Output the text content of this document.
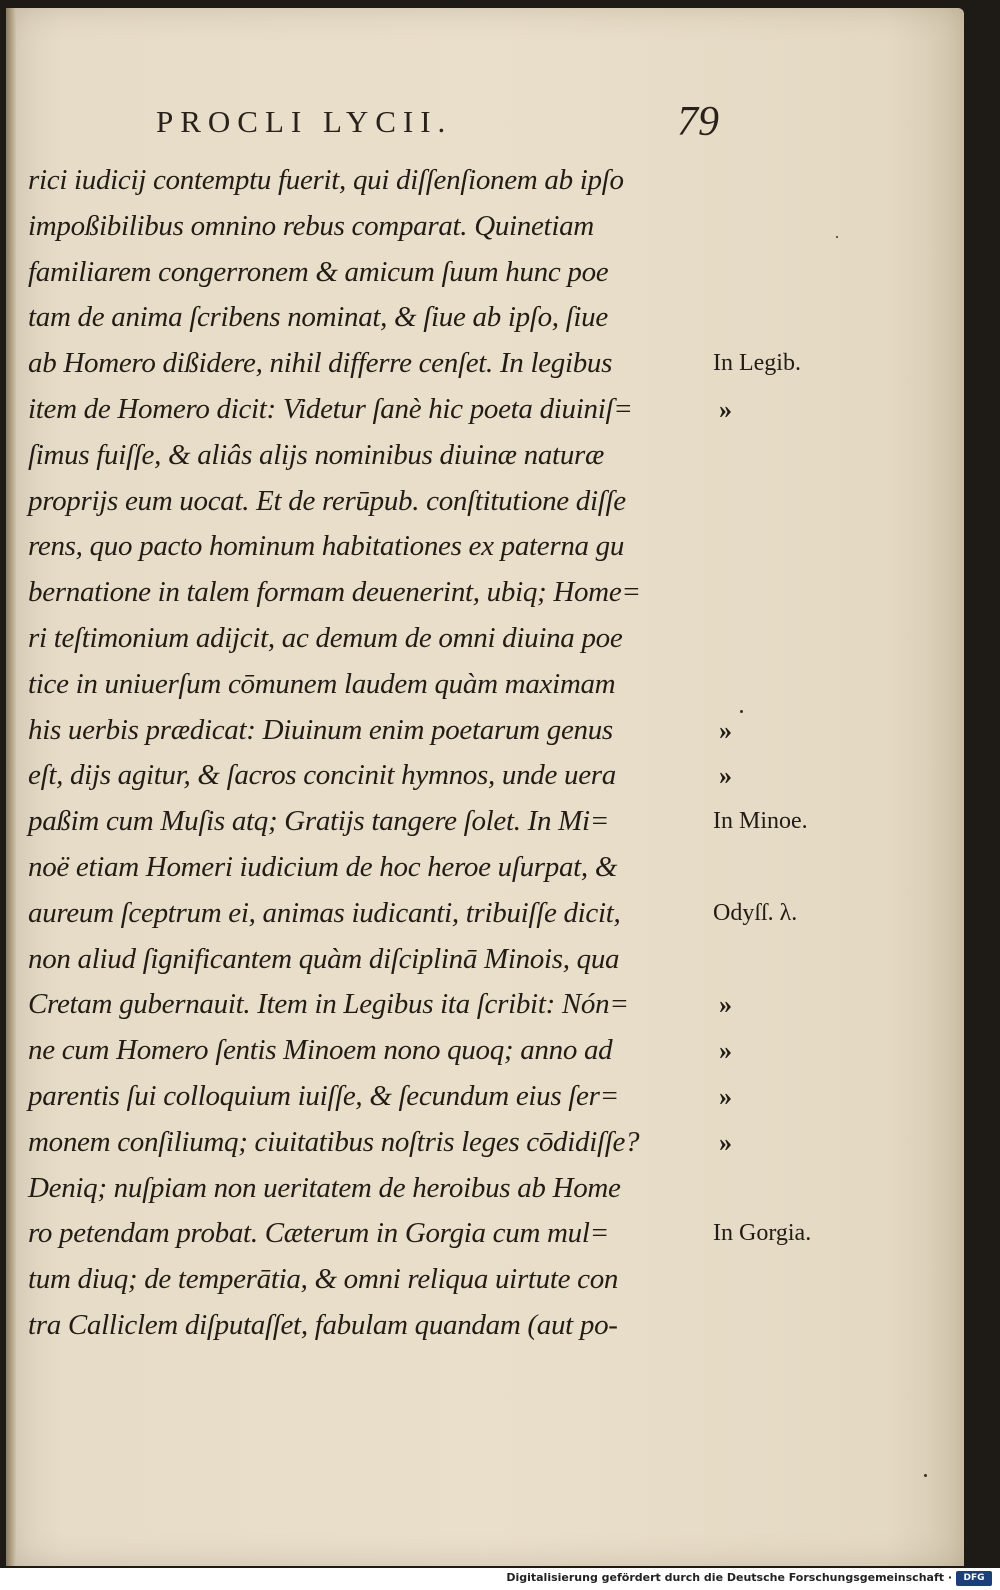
PROCLI LYCII.	79
rici iudicij contemptu fuerit, qui diſſenſionem ab ipſo
impoßibilibus omnino rebus comparat. Quinetiam
familiarem congerronem & amicum ſuum hunc poe
tam de anima ſcribens nominat, & ſiue ab ipſo, ſiue
ab Homero dißidere, nihil differre cenſet. In legibus
item de Homero dicit: Videtur ſanè hic poeta diuiniſ=
ſimus fuiſſe, & aliâs alijs nominibus diuinæ naturæ
proprijs eum uocat. Et de rerūpub. conſtitutione diſſe
rens, quo pacto hominum habitationes ex paterna gu
bernatione in talem formam deuenerint, ubiq; Home=
ri teſtimonium adijcit, ac demum de omni diuina poe
tice in uniuerſum cōmunem laudem quàm maximam
his uerbis prædicat: Diuinum enim poetarum genus
eſt, dijs agitur, & ſacros concinit hymnos, unde uera
paßim cum Muſis atq; Gratijs tangere ſolet. In Mi=
noë etiam Homeri iudicium de hoc heroe uſurpat, &
aureum ſceptrum ei, animas iudicanti, tribuiſſe dicit,
non aliud ſignificantem quàm diſciplinā Minois, qua
Cretam gubernauit. Item in Legibus ita ſcribit: Nón=
ne cum Homero ſentis Minoem nono quoq; anno ad
parentis ſui colloquium iuiſſe, & ſecundum eius ſer=
monem conſiliumq; ciuitatibus noſtris leges cōdidiſſe?
Deniq; nuſpiam non ueritatem de heroibus ab Home
ro petendam probat. Cæterum in Gorgia cum mul=
tum diuq; de temperātia, & omni reliqua uirtute con
tra Calliclem diſputaſſet, fabulam quandam (aut po-
In Legib.
»
»
»
In Minoe.
Odyſſ. λ.
»
»
»
»
In Gorgia.
Digitalisierung gefördert durch die Deutsche Forschungsgemeinschaft ·	DFG
